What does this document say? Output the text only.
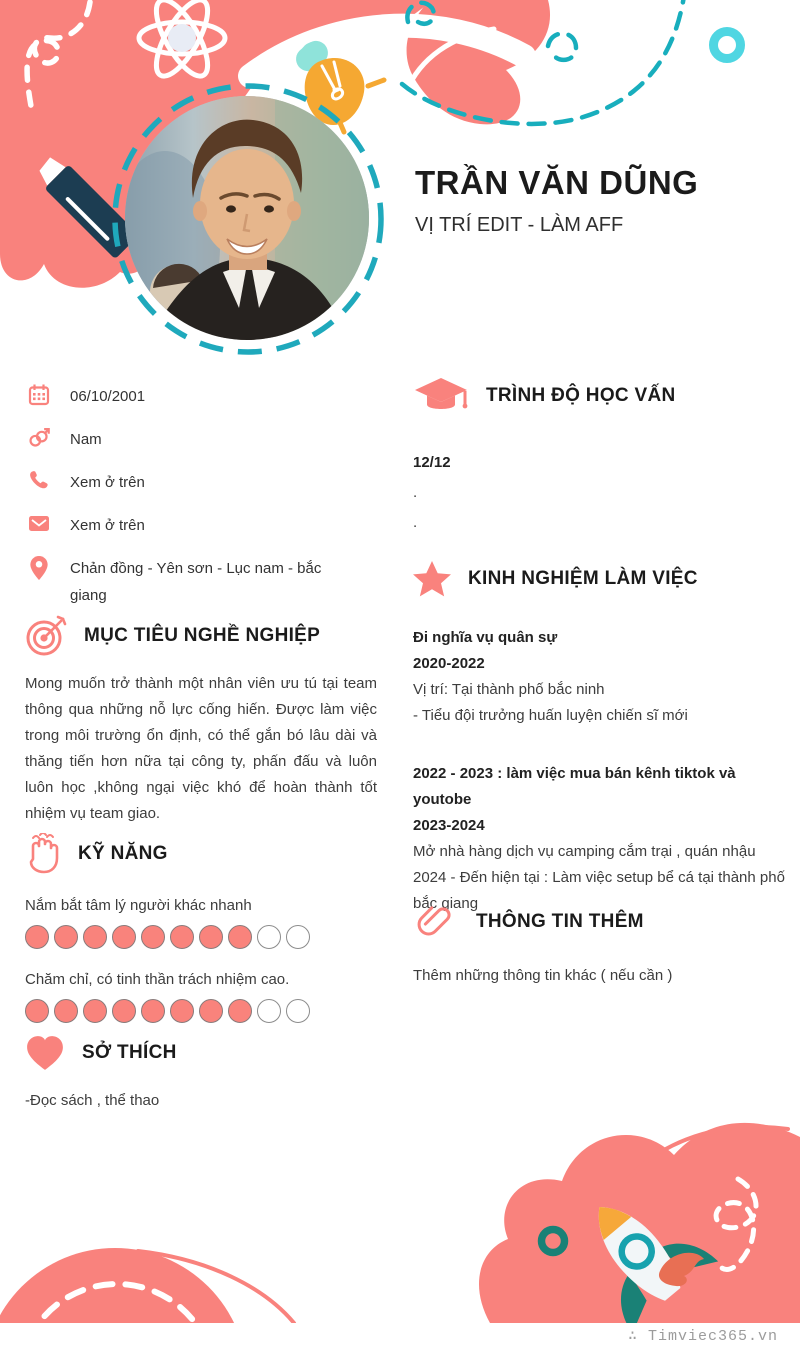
TRẦN VĂN DŨNG
VỊ TRÍ EDIT - LÀM AFF
06/10/2001
Nam
Xem ở trên
Xem ở trên
Chản đồng - Yên sơn - Lục nam - bắc giang
MỤC TIÊU NGHỀ NGHIỆP

Mong muốn trở thành một nhân viên ưu tú tại team thông qua những nỗ lực cống hiến. Được làm việc trong môi trường ổn định, có thể gắn bó lâu dài và thăng tiến hơn nữa tại công ty, phấn đấu và luôn luôn học ,không ngại việc khó để hoàn thành tốt nhiệm vụ team giao.

KỸ NĂNG
Nắm bắt tâm lý người khác nhanh
Chăm chỉ, có tinh thần trách nhiệm cao.
SỞ THÍCH
-Đọc sách , thể thao
TRÌNH ĐỘ HỌC VẤN
12/12
.
.
KINH NGHIỆM LÀM VIỆC
Đi nghĩa vụ quân sự
2020-2022
Vị trí: Tại thành phố bắc ninh
- Tiểu đội trưởng huấn luyện chiến sĩ mới
2022 - 2023 : làm việc mua bán kênh tiktok và youtobe
2023-2024
Mở nhà hàng dịch vụ camping cắm trại , quán nhậu
2024 - Đến hiện tại : Làm việc setup bể cá tại thành phố bắc giang
THÔNG TIN THÊM
Thêm những thông tin khác ( nếu cần )
∴ Timviec365.vn
